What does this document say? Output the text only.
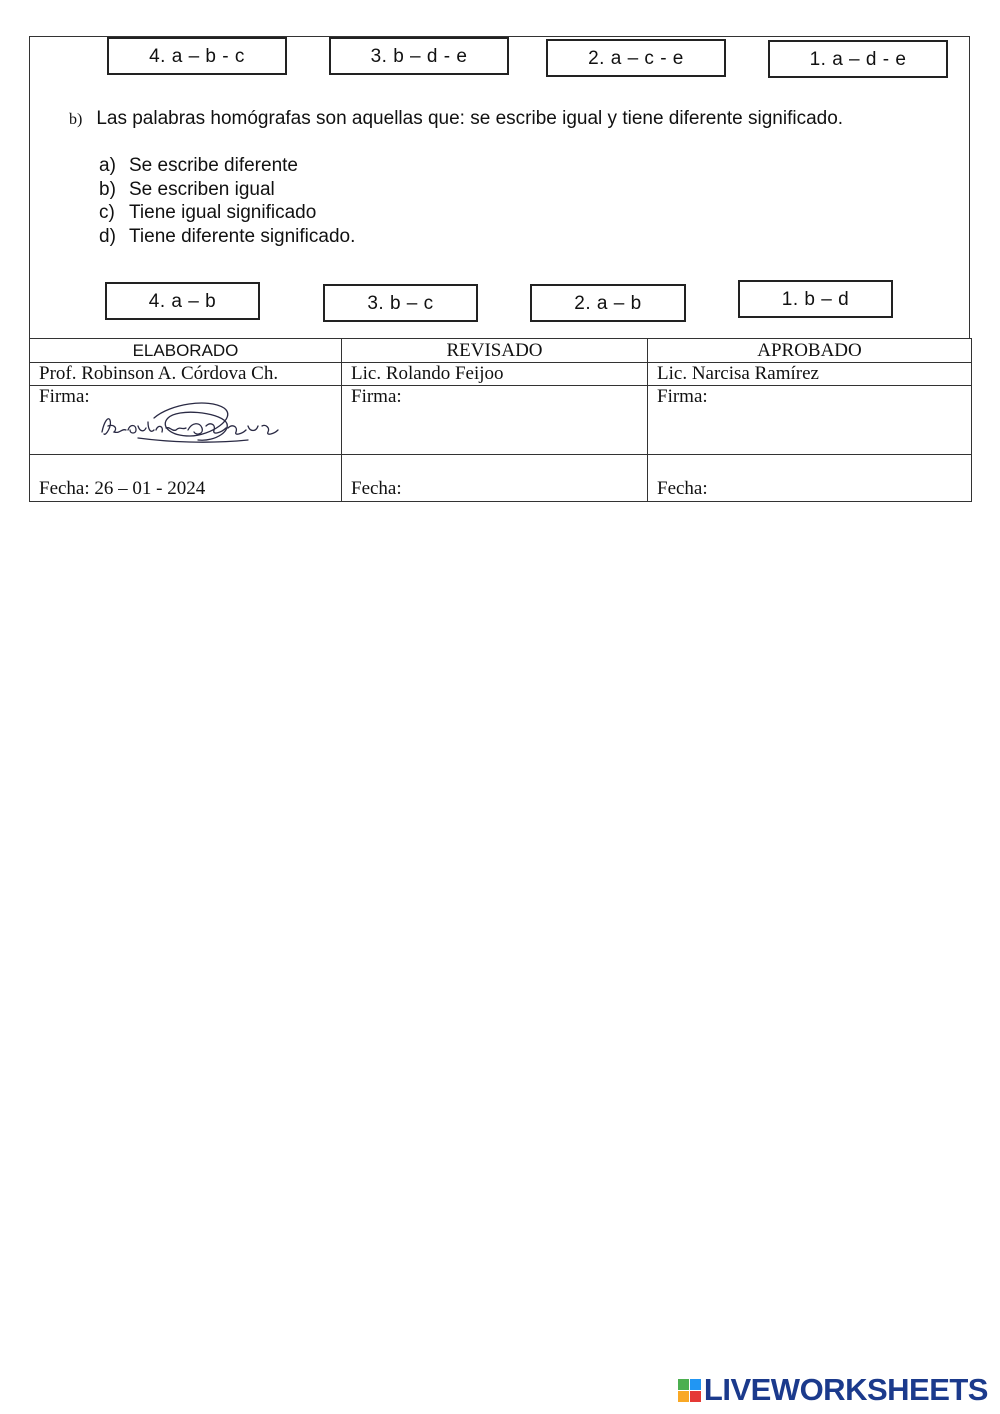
4. a – b - c	3. b – d - e	2. a – c - e	1. a – d - e
b) Las palabras homógrafas son aquellas que: se escribe igual y tiene diferente significado.
a) Se escribe diferente
b) Se escriben igual
c) Tiene igual significado
d) Tiene diferente significado.
4. a – b	3. b – c	2. a – b	1. b – d
ELABORADO	REVISADO	APROBADO
Prof. Robinson A. Córdova Ch.	Lic. Rolando Feijoo	Lic. Narcisa Ramírez
Firma:	Firma:	Firma:
Fecha: 26 – 01 - 2024	Fecha:	Fecha:
LIVEWORKSHEETS
